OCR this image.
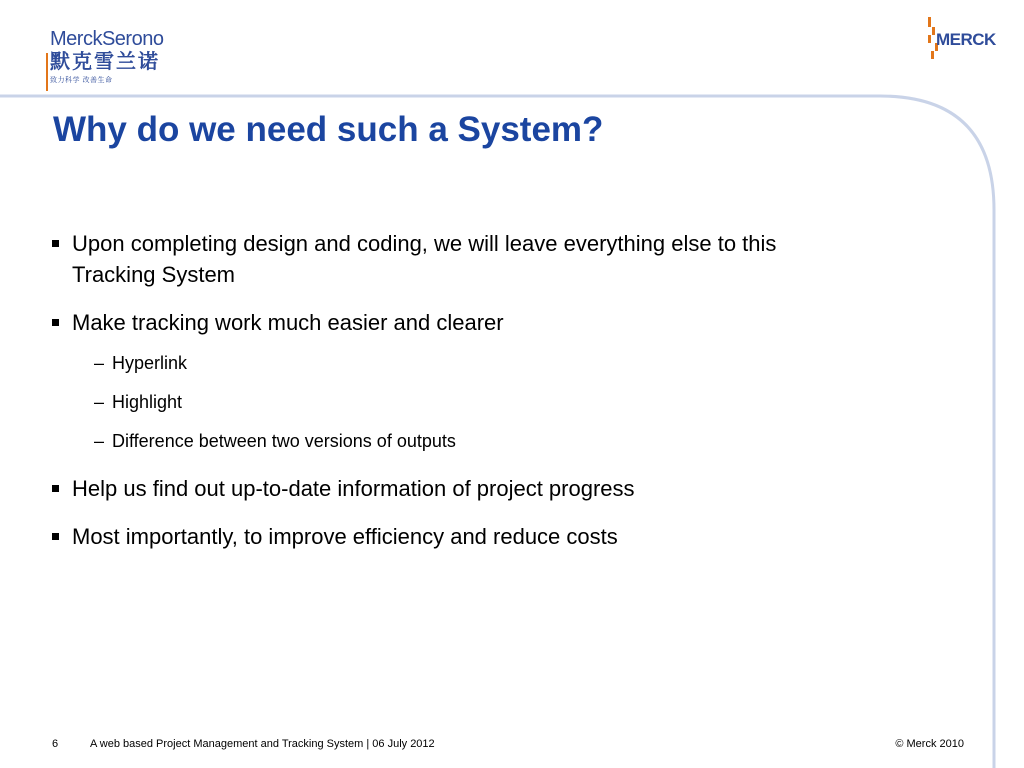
MerckSerono
默克雪兰诺
致力科学 改善生命
MERCK
Why do we need such a System?
Upon completing design and coding, we will leave everything else to this Tracking System
Make tracking work much easier and clearer
– Hyperlink
– Highlight
– Difference between two versions of outputs
Help us find out up-to-date information of project progress
Most importantly, to improve efficiency and reduce costs
6	A web based Project Management and Tracking System | 06 July 2012	© Merck 2010
